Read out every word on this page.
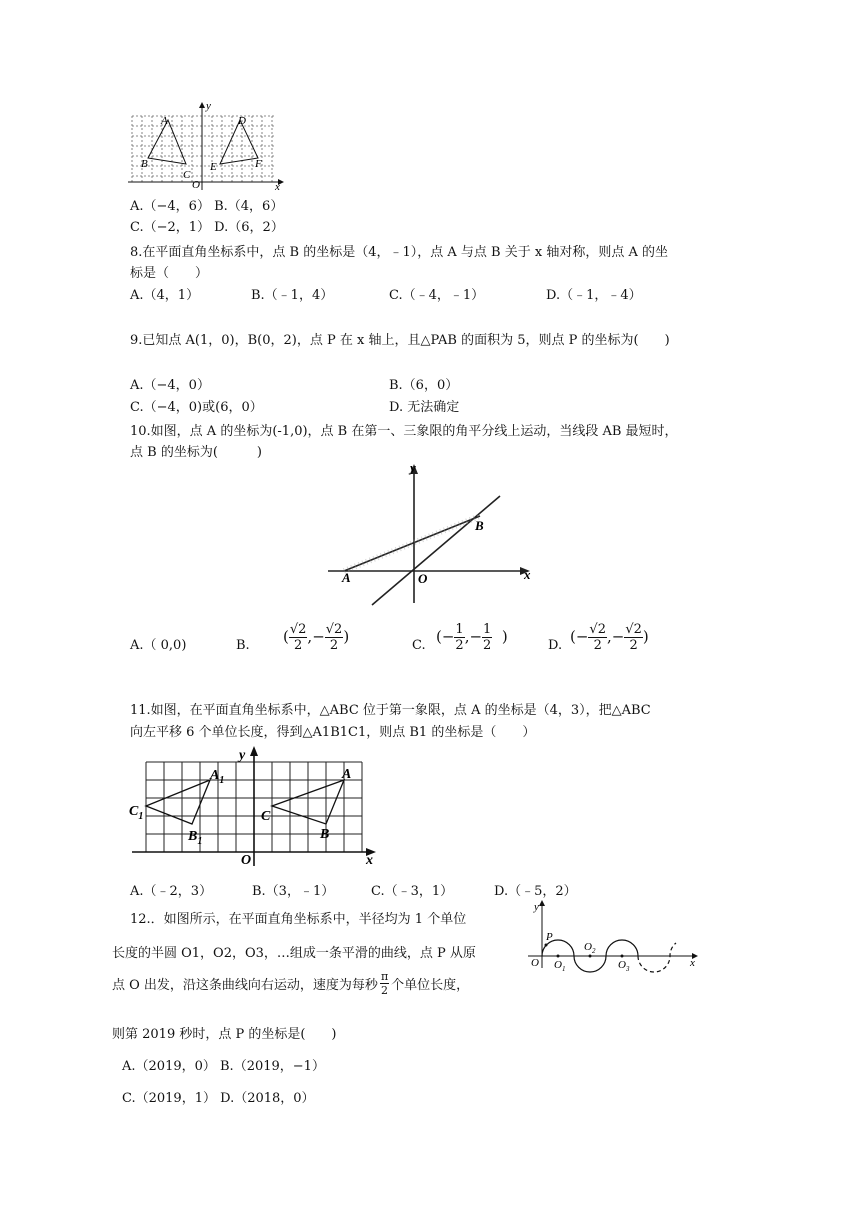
y
x
A
B
C
O
D
E	F
A.（−4，6） B.（4，6）
C.（−2，1） D.（6，2）
8.在平面直角坐标系中，点 B 的坐标是（4，﹣1），点 A 与点 B 关于 x 轴对称，则点 A 的坐
标是（　　）
A.（4，1）	B.（﹣1，4）	C.（﹣4，﹣1）	D.（﹣1，﹣4）
9.已知点 A(1，0)，B(0，2)，点 P 在 x 轴上，且△PAB 的面积为 5，则点 P 的坐标为(　　)
A.（−4，0）	B.（6，0）
C.（−4，0)或(6，0）	D. 无法确定
10.如图，点 A 的坐标为(-1,0)，点 B 在第一、三象限的角平分线上运动，当线段 AB 最短时，
点 B 的坐标为(　　　)
y
x
A	O
B
A.（ 0,0)	B. ( $\frac{√2}{2}$ ,− $\frac{√2}{2}$ )	C. (− $\frac{1}{2}$ ,− $\frac{1}{2}$ )	D. (− $\frac{√2}{2}$ ,− $\frac{√2}{2}$ )
11.如图，在平面直角坐标系中，△ABC 位于第一象限，点 A 的坐标是（4，3），把△ABC
向左平移 6 个单位长度，得到△A1B1C1，则点 B1 的坐标是（　　）
y
x
O
A
B
C
$A_1$
$B_1$
$C_1$
A.（﹣2，3）	B.（3，﹣1）	C.（﹣3，1）	D.（﹣5，2）
12.．如图所示，在平面直角坐标系中，半径均为 1 个单位
长度的半圆 O1，O2，O3，…组成一条平滑的曲线，点 P 从原
点 O 出发，沿这条曲线向右运动，速度为每秒 $\frac{\pi}{2}$ 个单位长度，
则第 2019 秒时，点 P 的坐标是(　　)
y
x
P
O $O_1$
$O_2$
$O_3$
A.（2019，0） B.（2019，−1）
C.（2019，1） D.（2018，0）
